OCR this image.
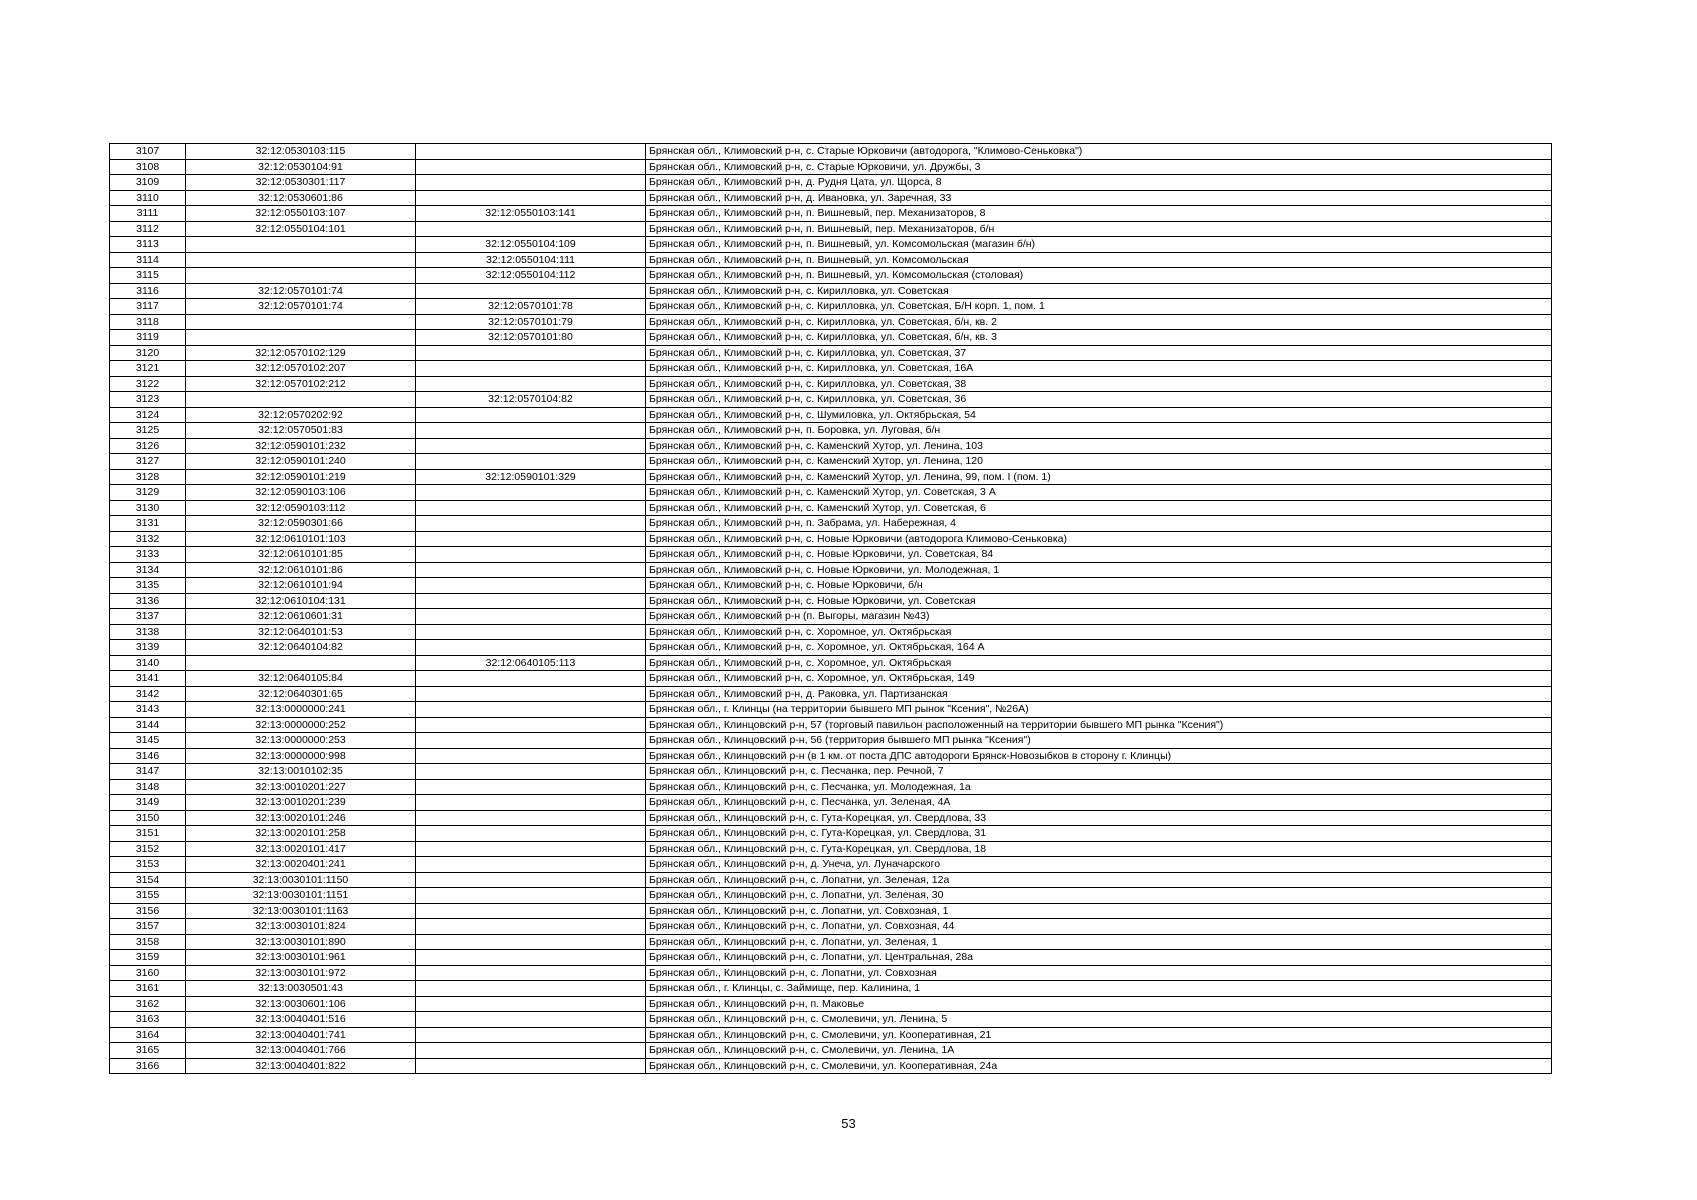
3107	32:12:0530103:115		Брянская обл., Климовский р-н, с. Старые Юрковичи (автодорога, "Климово-Сеньковка")
3108	32:12:0530104:91		Брянская обл., Климовский р-н, с. Старые Юрковичи, ул. Дружбы, 3
3109	32:12:0530301:117		Брянская обл., Климовский р-н, д. Рудня Цата, ул. Щорса, 8
3110	32:12:0530601:86		Брянская обл., Климовский р-н, д. Ивановка, ул. Заречная, 33
3111	32:12:0550103:107	32:12:0550103:141	Брянская обл., Климовский р-н, п. Вишневый, пер. Механизаторов, 8
3112	32:12:0550104:101		Брянская обл., Климовский р-н, п. Вишневый, пер. Механизаторов, б/н
3113		32:12:0550104:109	Брянская обл., Климовский р-н, п. Вишневый, ул. Комсомольская (магазин б/н)
3114		32:12:0550104:111	Брянская обл., Климовский р-н, п. Вишневый, ул. Комсомольская
3115		32:12:0550104:112	Брянская обл., Климовский р-н, п. Вишневый, ул. Комсомольская (столовая)
3116	32:12:0570101:74		Брянская обл., Климовский р-н, с. Кирилловка, ул. Советская
3117	32:12:0570101:74	32:12:0570101:78	Брянская обл., Климовский р-н, с. Кирилловка, ул. Советская, Б/Н корп. 1, пом. 1
3118		32:12:0570101:79	Брянская обл., Климовский р-н, с. Кирилловка, ул. Советская, б/н, кв. 2
3119		32:12:0570101:80	Брянская обл., Климовский р-н, с. Кирилловка, ул. Советская, б/н, кв. 3
3120	32:12:0570102:129		Брянская обл., Климовский р-н, с. Кирилловка, ул. Советская, 37
3121	32:12:0570102:207		Брянская обл., Климовский р-н, с. Кирилловка, ул. Советская, 16А
3122	32:12:0570102:212		Брянская обл., Климовский р-н, с. Кирилловка, ул. Советская, 38
3123		32:12:0570104:82	Брянская обл., Климовский р-н, с. Кирилловка, ул. Советская, 36
3124	32:12:0570202:92		Брянская обл., Климовский р-н, с. Шумиловка, ул. Октябрьская, 54
3125	32:12:0570501:83		Брянская обл., Климовский р-н, п. Боровка, ул. Луговая, б/н
3126	32:12:0590101:232		Брянская обл., Климовский р-н, с. Каменский Хутор, ул. Ленина, 103
3127	32:12:0590101:240		Брянская обл., Климовский р-н, с. Каменский Хутор, ул. Ленина, 120
3128	32:12:0590101:219	32:12:0590101:329	Брянская обл., Климовский р-н, с. Каменский Хутор, ул. Ленина, 99, пом. I (пом. 1)
3129	32:12:0590103:106		Брянская обл., Климовский р-н, с. Каменский Хутор, ул. Советская, 3 А
3130	32:12:0590103:112		Брянская обл., Климовский р-н, с. Каменский Хутор, ул. Советская, 6
3131	32:12:0590301:66		Брянская обл., Климовский р-н, п. Забрама, ул. Набережная, 4
3132	32:12:0610101:103		Брянская обл., Климовский р-н, с. Новые Юрковичи (автодорога Климово-Сеньковка)
3133	32:12:0610101:85		Брянская обл., Климовский р-н, с. Новые Юрковичи, ул. Советская, 84
3134	32:12:0610101:86		Брянская обл., Климовский р-н, с. Новые Юрковичи, ул. Молодежная, 1
3135	32:12:0610101:94		Брянская обл., Климовский р-н, с. Новые Юрковичи, б/н
3136	32:12:0610104:131		Брянская обл., Климовский р-н, с. Новые Юрковичи, ул. Советская
3137	32:12:0610601:31		Брянская обл., Климовский р-н (п. Выгоры, магазин №43)
3138	32:12:0640101:53		Брянская обл., Климовский р-н, с. Хоромное, ул. Октябрьская
3139	32:12:0640104:82		Брянская обл., Климовский р-н, с. Хоромное, ул. Октябрьская, 164 А
3140		32:12:0640105:113	Брянская обл., Климовский р-н, с. Хоромное, ул. Октябрьская
3141	32:12:0640105:84		Брянская обл., Климовский р-н, с. Хоромное, ул. Октябрьская, 149
3142	32:12:0640301:65		Брянская обл., Климовский р-н, д. Раковка, ул. Партизанская
3143	32:13:0000000:241		Брянская обл., г. Клинцы (на территории бывшего МП рынок "Ксения", №26А)
3144	32:13:0000000:252		Брянская обл., Клинцовский р-н, 57 (торговый павильон расположенный на территории бывшего МП рынка "Ксения")
3145	32:13:0000000:253		Брянская обл., Клинцовский р-н, 56 (территория бывшего МП рынка "Ксения")
3146	32:13:0000000:998		Брянская обл., Клинцовский р-н (в 1 км. от поста ДПС автодороги Брянск-Новозыбков в сторону г. Клинцы)
3147	32:13:0010102:35		Брянская обл., Клинцовский р-н, с. Песчанка, пер. Речной, 7
3148	32:13:0010201:227		Брянская обл., Клинцовский р-н, с. Песчанка, ул. Молодежная, 1а
3149	32:13:0010201:239		Брянская обл., Клинцовский р-н, с. Песчанка, ул. Зеленая, 4А
3150	32:13:0020101:246		Брянская обл., Клинцовский р-н, с. Гута-Корецкая, ул. Свердлова, 33
3151	32:13:0020101:258		Брянская обл., Клинцовский р-н, с. Гута-Корецкая, ул. Свердлова, 31
3152	32:13:0020101:417		Брянская обл., Клинцовский р-н, с. Гута-Корецкая, ул. Свердлова, 18
3153	32:13:0020401:241		Брянская обл., Клинцовский р-н, д. Унеча, ул. Луначарского
3154	32:13:0030101:1150		Брянская обл., Клинцовский р-н, с. Лопатни, ул. Зеленая, 12а
3155	32:13:0030101:1151		Брянская обл., Клинцовский р-н, с. Лопатни, ул. Зеленая, 30
3156	32:13:0030101:1163		Брянская обл., Клинцовский р-н, с. Лопатни, ул. Совхозная, 1
3157	32:13:0030101:824		Брянская обл., Клинцовский р-н, с. Лопатни, ул. Совхозная, 44
3158	32:13:0030101:890		Брянская обл., Клинцовский р-н, с. Лопатни, ул. Зеленая, 1
3159	32:13:0030101:961		Брянская обл., Клинцовский р-н, с. Лопатни, ул. Центральная, 28а
3160	32:13:0030101:972		Брянская обл., Клинцовский р-н, с. Лопатни, ул. Совхозная
3161	32:13:0030501:43		Брянская обл., г. Клинцы, с. Займище, пер. Калинина, 1
3162	32:13:0030601:106		Брянская обл., Клинцовский р-н, п. Маковье
3163	32:13:0040401:516		Брянская обл., Клинцовский р-н, с. Смолевичи, ул. Ленина, 5
3164	32:13:0040401:741		Брянская обл., Клинцовский р-н, с. Смолевичи, ул. Кооперативная, 21
3165	32:13:0040401:766		Брянская обл., Клинцовский р-н, с. Смолевичи, ул. Ленина, 1А
3166	32:13:0040401:822		Брянская обл., Клинцовский р-н, с. Смолевичи, ул. Кооперативная, 24а
53
